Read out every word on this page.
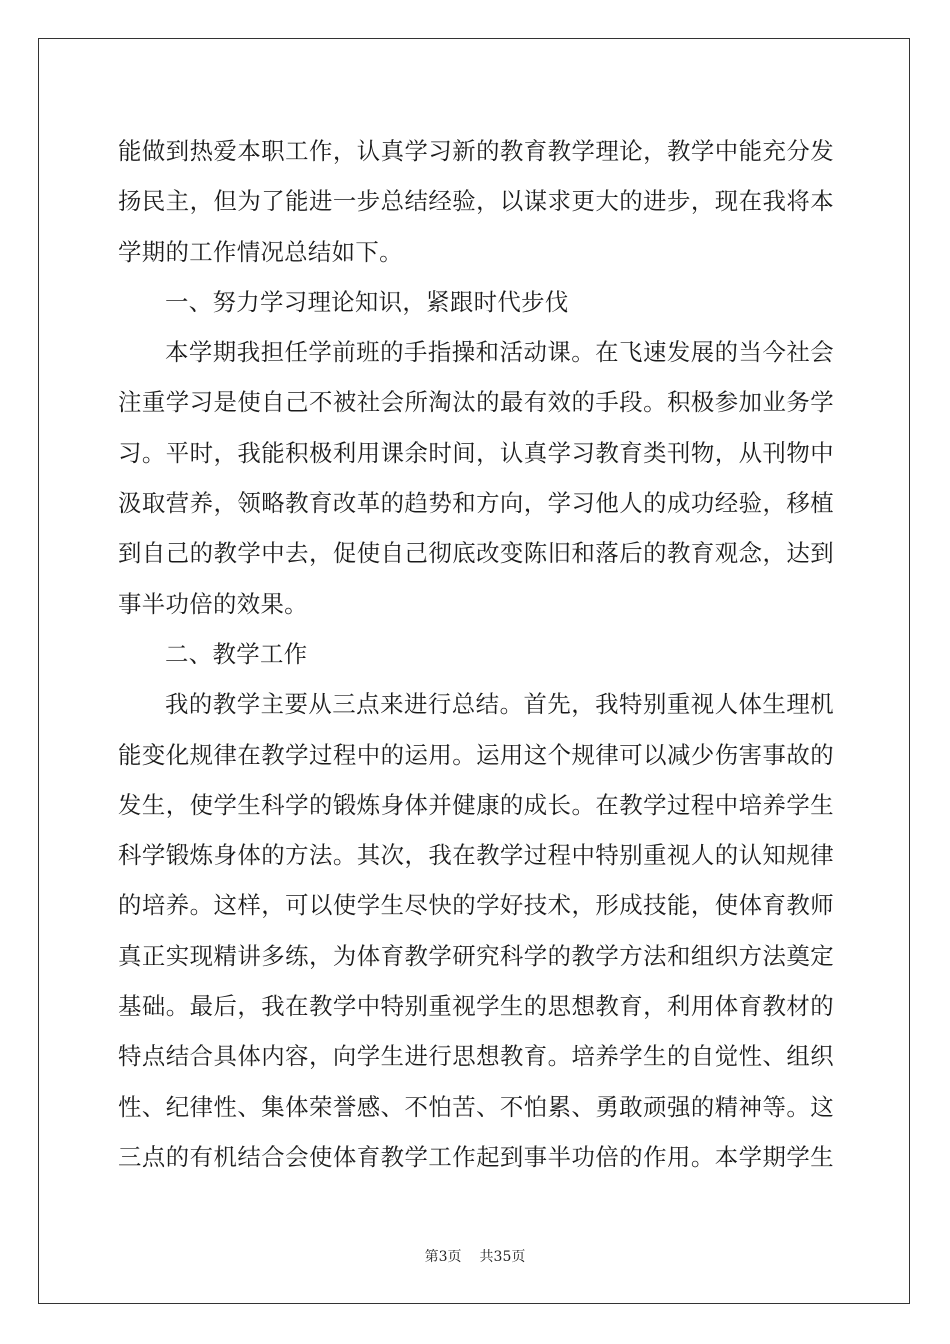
能做到热爱本职工作，认真学习新的教育教学理论，教学中能充分发
扬民主，但为了能进一步总结经验，以谋求更大的进步，现在我将本
学期的工作情况总结如下。
一、努力学习理论知识，紧跟时代步伐
本学期我担任学前班的手指操和活动课。在飞速发展的当今社会
注重学习是使自己不被社会所淘汰的最有效的手段。积极参加业务学
习。平时，我能积极利用课余时间，认真学习教育类刊物，从刊物中
汲取营养，领略教育改革的趋势和方向，学习他人的成功经验，移植
到自己的教学中去，促使自己彻底改变陈旧和落后的教育观念，达到
事半功倍的效果。
二、教学工作
我的教学主要从三点来进行总结。首先，我特别重视人体生理机
能变化规律在教学过程中的运用。运用这个规律可以减少伤害事故的
发生，使学生科学的锻炼身体并健康的成长。在教学过程中培养学生
科学锻炼身体的方法。其次，我在教学过程中特别重视人的认知规律
的培养。这样，可以使学生尽快的学好技术，形成技能，使体育教师
真正实现精讲多练，为体育教学研究科学的教学方法和组织方法奠定
基础。最后，我在教学中特别重视学生的思想教育，利用体育教材的
特点结合具体内容，向学生进行思想教育。培养学生的自觉性、组织
性、纪律性、集体荣誉感、不怕苦、不怕累、勇敢顽强的精神等。这
三点的有机结合会使体育教学工作起到事半功倍的作用。本学期学生
第3页 共35页
